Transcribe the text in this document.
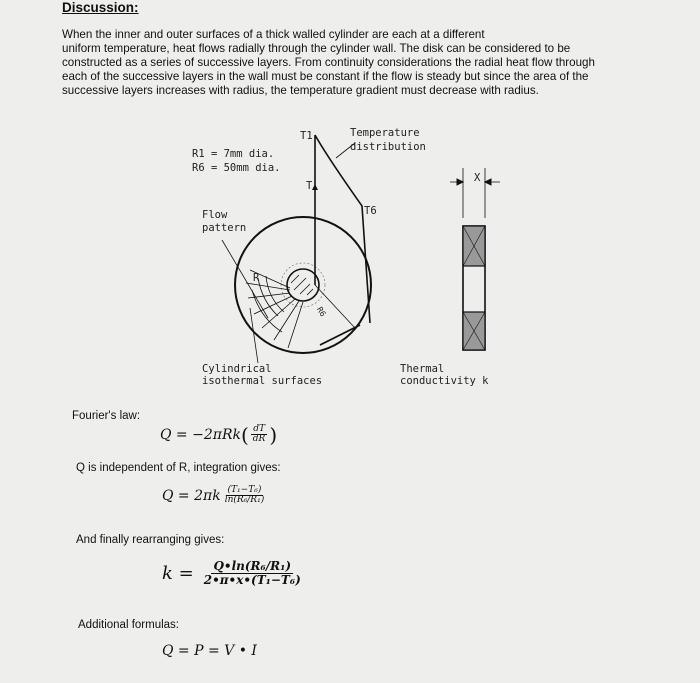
Discussion:

When the inner and outer surfaces of a thick walled cylinder are each at a different
uniform temperature, heat flows radially through the cylinder wall. The disk can be considered to be
constructed as a series of successive layers. From continuity considerations the radial heat flow through
each of the successive layers in the wall must be constant if the flow is steady but since the area of the
successive layers increases with radius, the temperature gradient must decrease with radius.

R1 = 7mm dia.
R6 = 50mm dia.
T1
T
T6
X
R
R6
Temperature
distribution
Flow
pattern
Cylindrical
isothermal surfaces
Thermal
conductivity k
Fourier's law:
Q = −2πRk ( $\frac{dT}{dR}$ )
Q is independent of R, integration gives:
$Q = 2\pi k \frac{\text{(T₁−T₆)}}{\text{ln(R₆/R₁)}}$
And finally rearranging gives:
$k = \frac{\text{Q•ln(R₆/R₁)}}{\text{2•π•x•(T₁−T₆)}}$
Additional formulas:
Q = P = V • I
